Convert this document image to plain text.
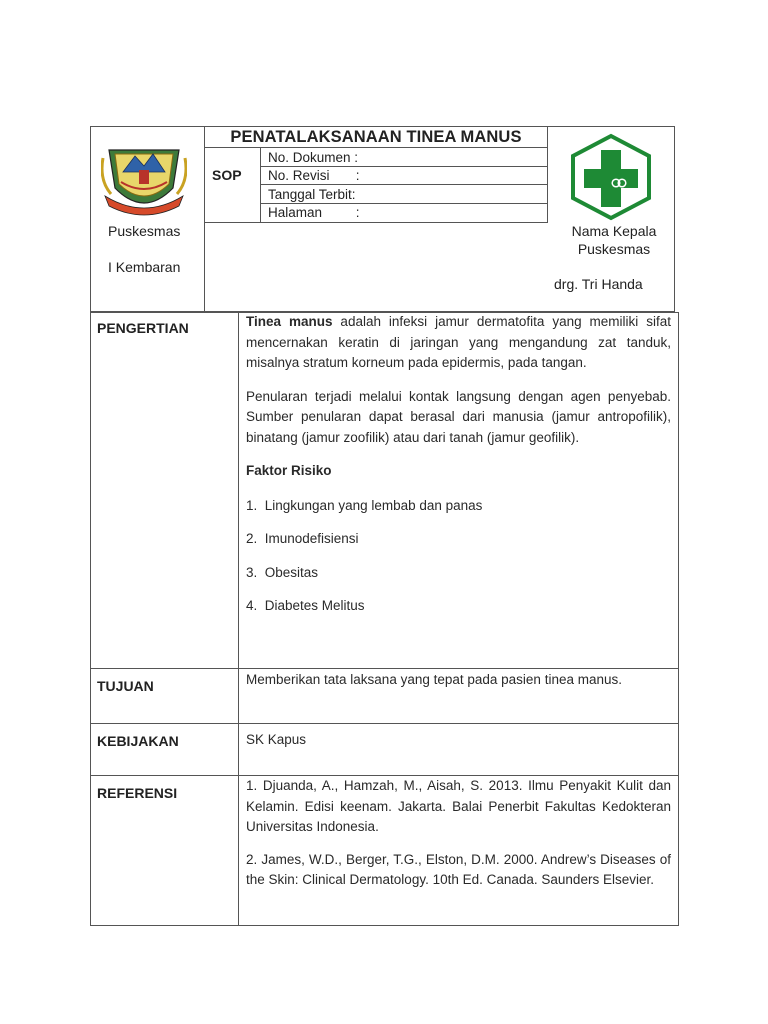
PENATALAKSANAAN TINEA MANUS
SOP
No. Dokumen :
No. Revisi       :
Tanggal Terbit:
Halaman         :
Puskesmas
I Kembaran
Nama Kepala
Puskesmas
drg. Tri Handa
PENGERTIAN	Tinea manus adalah infeksi jamur dermatofita yang memiliki sifat mencernakan keratin di jaringan yang mengandung zat tanduk, misalnya stratum korneum pada epidermis, pada tangan.

Penularan terjadi melalui kontak langsung dengan agen penyebab. Sumber penularan dapat berasal dari manusia (jamur antropofilik), binatang (jamur zoofilik) atau dari tanah (jamur geofilik).

Faktor Risiko

1.  Lingkungan yang lembab dan panas

2.  Imunodefisiensi

3.  Obesitas

4.  Diabetes Melitus

TUJUAN	Memberikan tata laksana yang tepat pada pasien tinea manus.
KEBIJAKAN	SK Kapus
REFERENSI	1. Djuanda, A., Hamzah, M., Aisah, S. 2013. Ilmu Penyakit Kulit dan Kelamin. Edisi keenam. Jakarta. Balai Penerbit Fakultas Kedokteran Universitas Indonesia.

2. James, W.D., Berger, T.G., Elston, D.M. 2000. Andrew’s Diseases of the Skin: Clinical Dermatology. 10th Ed. Canada. Saunders Elsevier.
